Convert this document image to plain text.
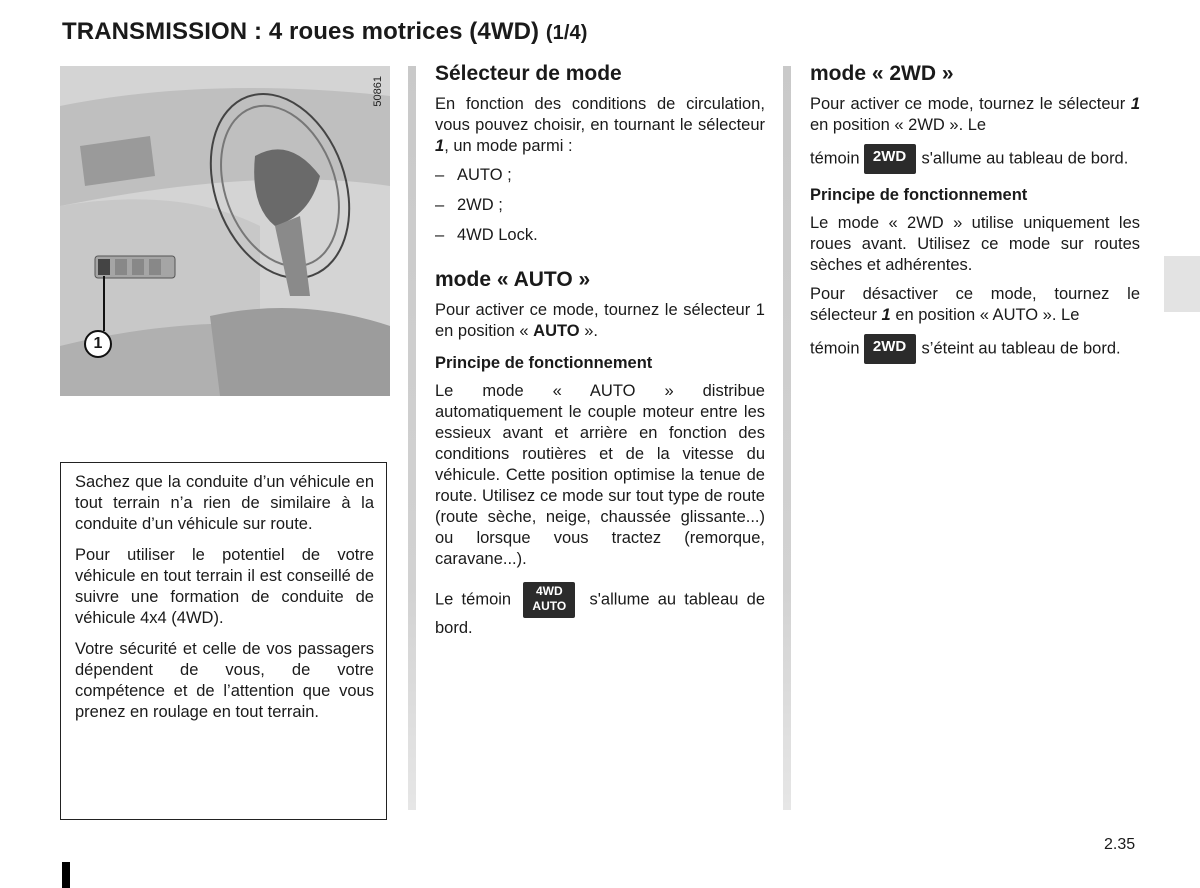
TRANSMISSION : 4 roues motrices (4WD) (1/4)
50861
1

Sachez que la conduite d’un véhicule en tout terrain n’a rien de similaire à la conduite d’un véhicule sur route.

Pour utiliser le potentiel de votre véhicule en tout terrain il est conseillé de suivre une formation de conduite de véhicule 4x4 (4WD).

Votre sécurité et celle de vos passagers dépendent de vous, de votre compétence et de l’attention que vous prenez en roulage en tout terrain.

Sélecteur de mode

En fonction des conditions de circulation, vous pouvez choisir, en tournant le sélecteur 1, un mode parmi :

– AUTO ;
– 2WD ;
– 4WD Lock.
mode « AUTO »

Pour activer ce mode, tournez le sélecteur 1 en position « AUTO ».

Principe de fonctionnement

Le mode « AUTO » distribue automatiquement le couple moteur entre les essieux avant et arrière en fonction des conditions routières et de la vitesse du véhicule. Cette position optimise la tenue de route. Utilisez ce mode sur tout type de route (route sèche, neige, chaussée glissante...) ou lorsque vous tractez (remorque, caravane...).

Le témoin 4WD
AUTO s'allume au tableau de bord.

mode « 2WD »

Pour activer ce mode, tournez le sélecteur 1 en position « 2WD ». Le

témoin 2WD s'allume au tableau de bord.

Principe de fonctionnement

Le mode « 2WD » utilise uniquement les roues avant. Utilisez ce mode sur routes sèches et adhérentes.

Pour désactiver ce mode, tournez le sélecteur 1 en position « AUTO ». Le

témoin 2WD s’éteint au tableau de bord.

2.35
